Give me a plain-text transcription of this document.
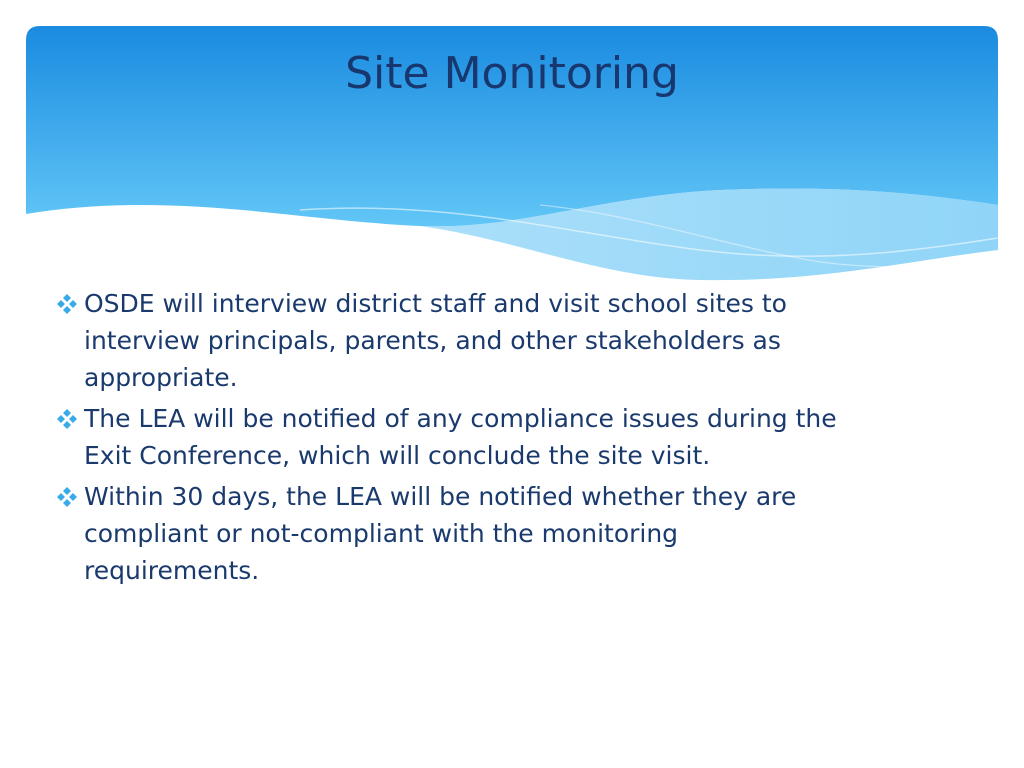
Site Monitoring
OSDE will interview district staff and visit school sites to interview principals, parents, and other stakeholders as appropriate.
The LEA will be notified of any compliance issues during the Exit Conference, which will conclude the site visit.
Within 30 days, the LEA will be notified whether they are compliant or not-compliant with the monitoring requirements.
